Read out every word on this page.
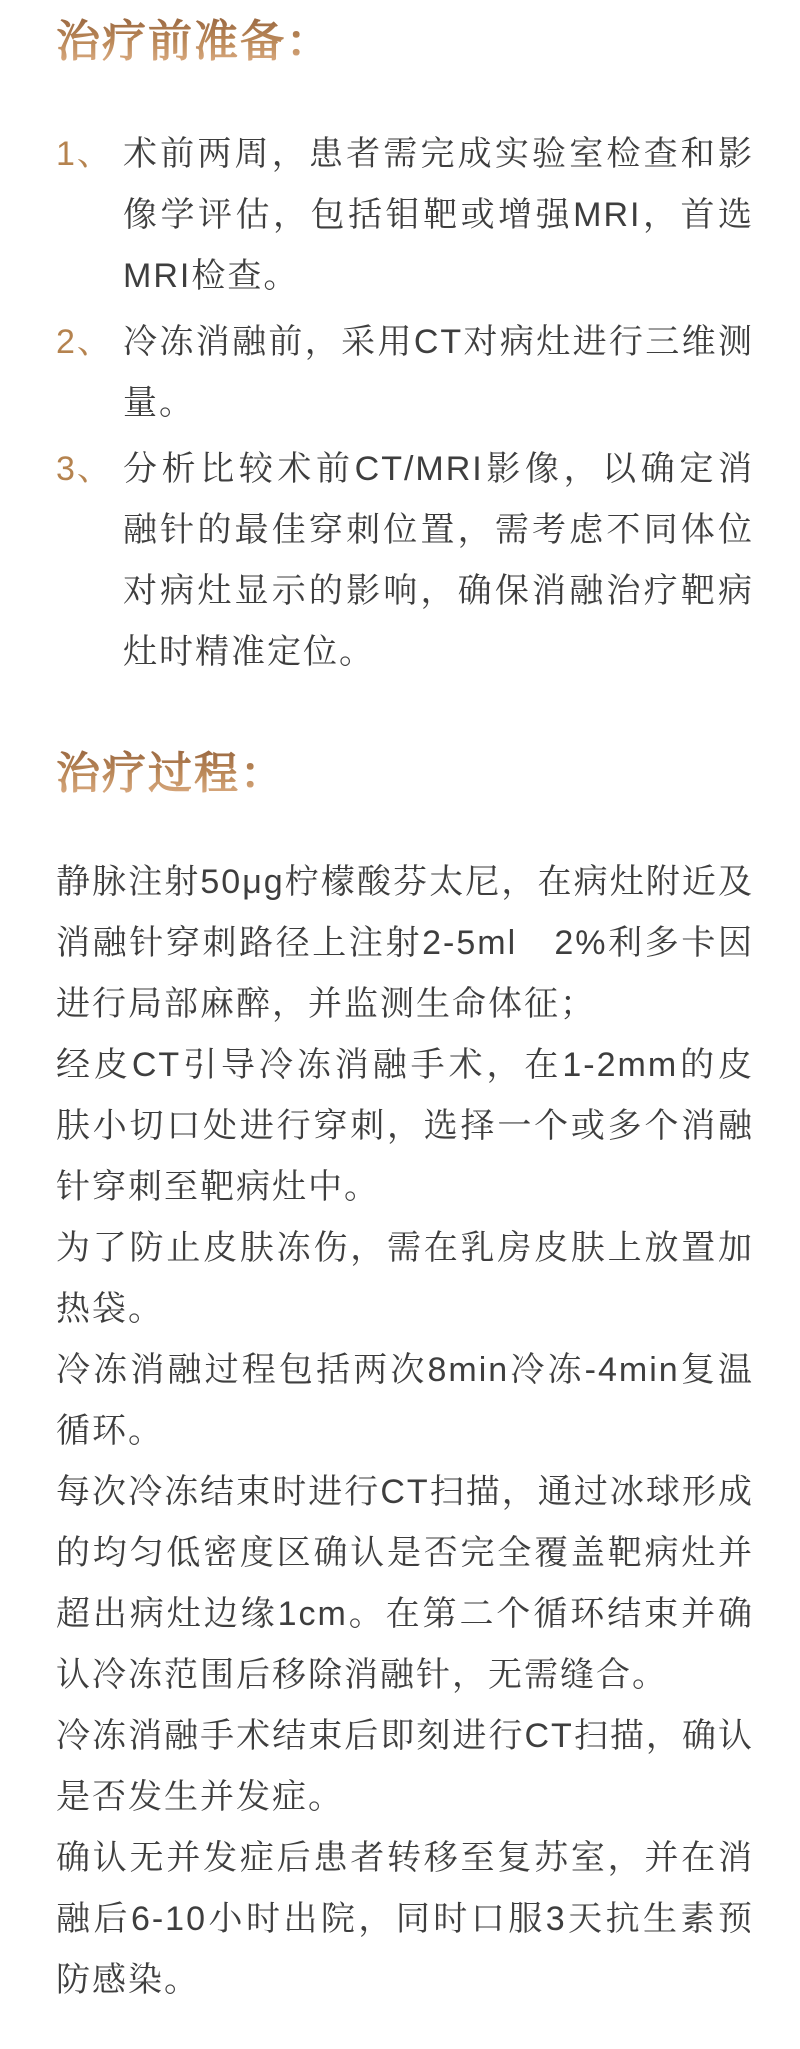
治疗前准备：
1、 术前两周，患者需完成实验室检查和影像学评估，包括钼靶或增强MRI，首选MRI检查。
2、 冷冻消融前，采用CT对病灶进行三维测量。
3、 分析比较术前CT/MRI影像，以确定消融针的最佳穿刺位置，需考虑不同体位对病灶显示的影响，确保消融治疗靶病灶时精准定位。
治疗过程：

静脉注射50μg柠檬酸芬太尼，在病灶附近及消融针穿刺路径上注射2-5ml　2%利多卡因进行局部麻醉，并监测生命体征；

经皮CT引导冷冻消融手术，在1-2mm的皮肤小切口处进行穿刺，选择一个或多个消融针穿刺至靶病灶中。

为了防止皮肤冻伤，需在乳房皮肤上放置加热袋。

冷冻消融过程包括两次8min冷冻-4min复温循环。

每次冷冻结束时进行CT扫描，通过冰球形成的均匀低密度区确认是否完全覆盖靶病灶并超出病灶边缘1cm。在第二个循环结束并确认冷冻范围后移除消融针，无需缝合。

冷冻消融手术结束后即刻进行CT扫描，确认是否发生并发症。

确认无并发症后患者转移至复苏室，并在消融后6-10小时出院，同时口服3天抗生素预防感染。
